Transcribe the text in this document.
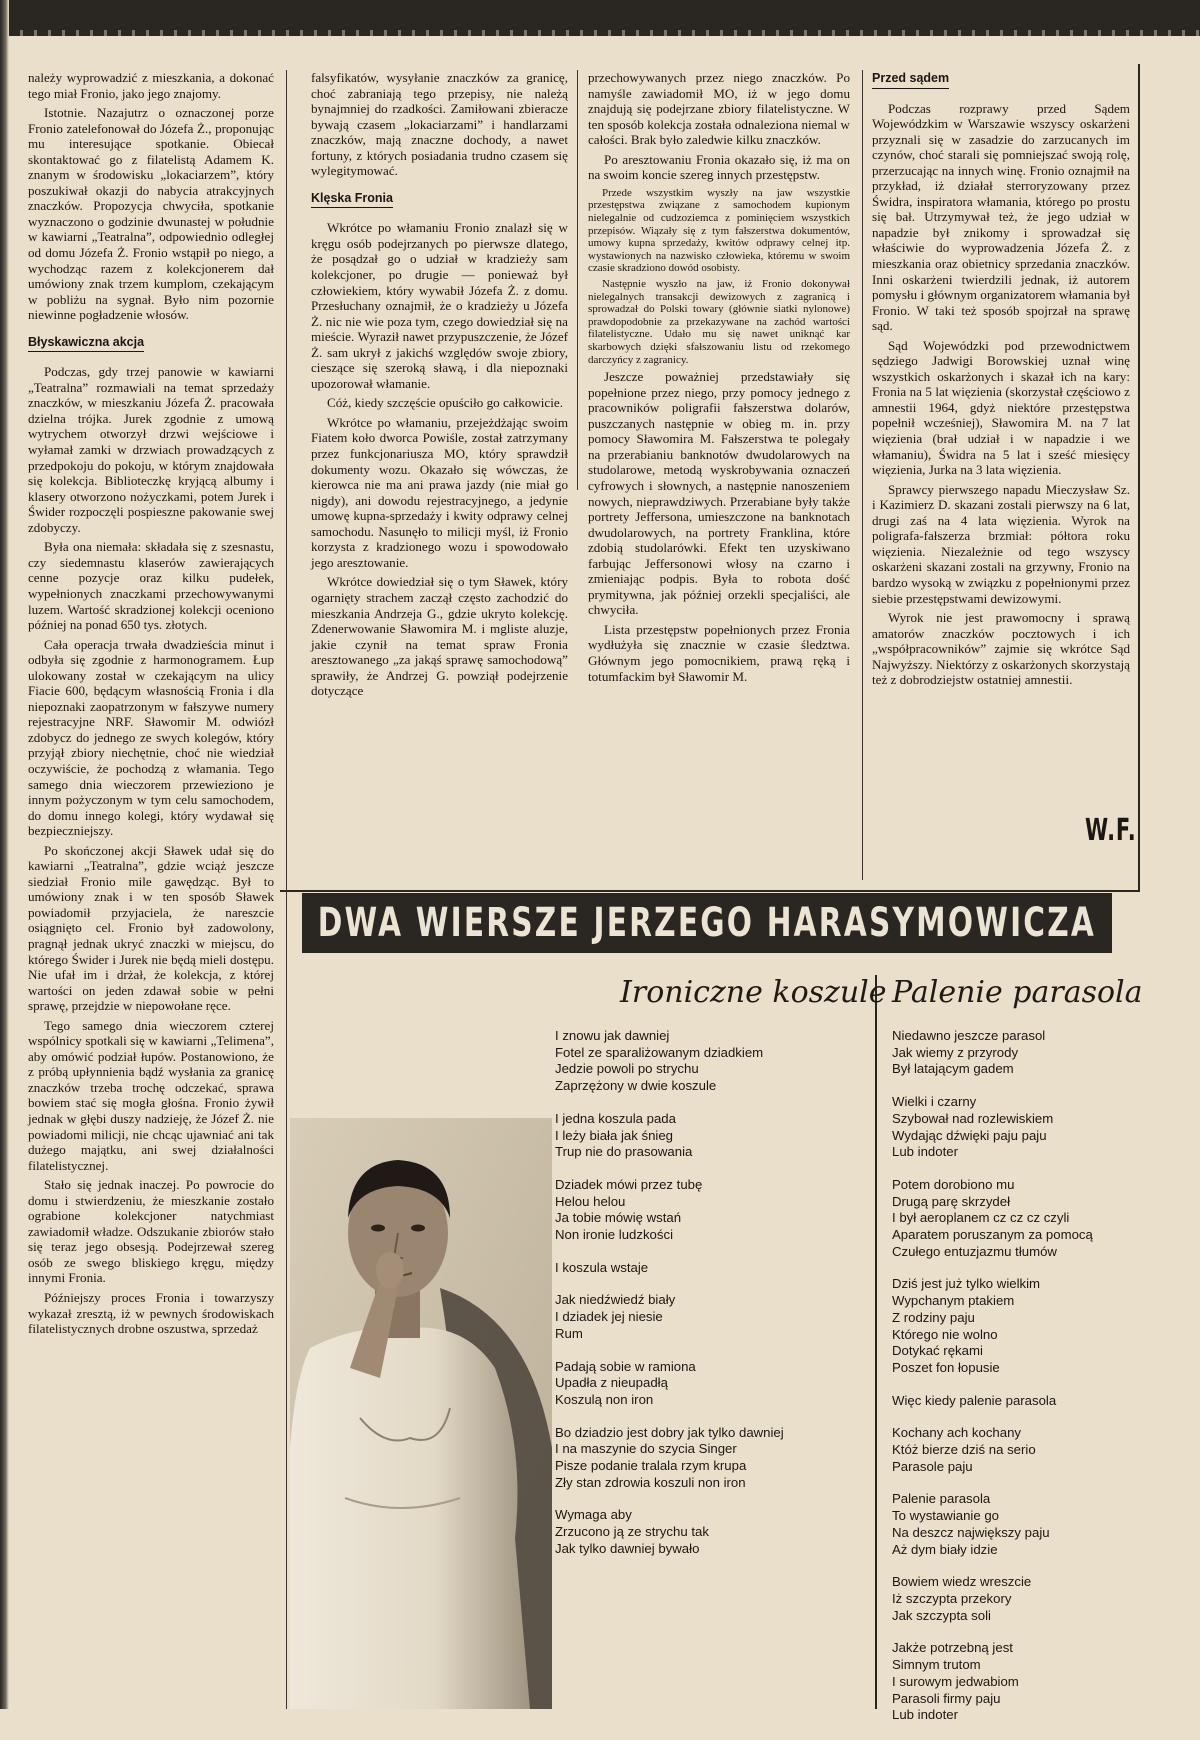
należy wyprowadzić z mieszkania, a dokonać tego miał Fronio, jako jego znajomy.

Istotnie. Nazajutrz o oznaczonej porze Fronio zatelefonował do Józefa Ż., proponując mu interesujące spotkanie. Obiecał skontaktować go z filatelistą Adamem K. znanym w środowisku „lokaciarzem”, który poszukiwał okazji do nabycia atrakcyjnych znaczków. Propozycja chwyciła, spotkanie wyznaczono o godzinie dwunastej w południe w kawiarni „Teatralna”, odpowiednio odległej od domu Józefa Ż. Fronio wstąpił po niego, a wychodząc razem z kolekcjonerem dał umówiony znak trzem kumplom, czekającym w pobliżu na sygnał. Było nim pozornie niewinne pogładzenie włosów.

Błyskawiczna akcja

Podczas, gdy trzej panowie w kawiarni „Teatralna” rozmawiali na temat sprzedaży znaczków, w mieszkaniu Józefa Ż. pracowała dzielna trójka. Jurek zgodnie z umową wytrychem otworzył drzwi wejściowe i wyłamał zamki w drzwiach prowadzących z przedpokoju do pokoju, w którym znajdowała się kolekcja. Biblioteczkę kryjącą albumy i klasery otworzono nożyczkami, potem Jurek i Świder rozpoczęli pospieszne pakowanie swej zdobyczy.

Była ona niemała: składała się z szesnastu, czy siedemnastu klaserów zawierających cenne pozycje oraz kilku pudełek, wypełnionych znaczkami przechowywanymi luzem. Wartość skradzionej kolekcji oceniono później na ponad 650 tys. złotych.

Cała operacja trwała dwadzieścia minut i odbyła się zgodnie z harmonogramem. Łup ulokowany został w czekającym na ulicy Fiacie 600, będącym własnością Fronia i dla niepoznaki zaopatrzonym w fałszywe numery rejestracyjne NRF. Sławomir M. odwiózł zdobycz do jednego ze swych kolegów, który przyjął zbiory niechętnie, choć nie wiedział oczywiście, że pochodzą z włamania. Tego samego dnia wieczorem przewieziono je innym pożyczonym w tym celu samochodem, do domu innego kolegi, który wydawał się bezpieczniejszy.

Po skończonej akcji Sławek udał się do kawiarni „Teatralna”, gdzie wciąż jeszcze siedział Fronio mile gawędząc. Był to umówiony znak i w ten sposób Sławek powiadomił przyjaciela, że nareszcie osiągnięto cel. Fronio był zadowolony, pragnął jednak ukryć znaczki w miejscu, do którego Świder i Jurek nie będą mieli dostępu. Nie ufał im i drżał, że kolekcja, z której wartości on jeden zdawał sobie w pełni sprawę, przejdzie w niepowołane ręce.

Tego samego dnia wieczorem czterej wspólnicy spotkali się w kawiarni „Telimena”, aby omówić podział łupów. Postanowiono, że z próbą upłynnienia bądź wysłania za granicę znaczków trzeba trochę odczekać, sprawa bowiem stać się mogła głośna. Fronio żywił jednak w głębi duszy nadzieję, że Józef Ż. nie powiadomi milicji, nie chcąc ujawniać ani tak dużego majątku, ani swej działalności filatelistycznej.

Stało się jednak inaczej. Po powrocie do domu i stwierdzeniu, że mieszkanie zostało ograbione kolekcjoner natychmiast zawiadomił władze. Odszukanie zbiorów stało się teraz jego obsesją. Podejrzewał szereg osób ze swego bliskiego kręgu, między innymi Fronia.

Późniejszy proces Fronia i towarzyszy wykazał zresztą, iż w pewnych środowiskach filatelistycznych drobne oszustwa, sprzedaż

falsyfikatów, wysyłanie znaczków za granicę, choć zabraniają tego przepisy, nie należą bynajmniej do rzadkości. Zamiłowani zbieracze bywają czasem „lokaciarzami” i handlarzami znaczków, mają znaczne dochody, a nawet fortuny, z których posiadania trudno czasem się wylegitymować.

Klęska Fronia

Wkrótce po włamaniu Fronio znalazł się w kręgu osób podejrzanych po pierwsze dlatego, że posądzał go o udział w kradzieży sam kolekcjoner, po drugie — ponieważ był człowiekiem, który wywabił Józefa Ż. z domu. Przesłuchany oznajmił, że o kradzieży u Józefa Ż. nic nie wie poza tym, czego dowiedział się na mieście. Wyraził nawet przypuszczenie, że Józef Ż. sam ukrył z jakichś względów swoje zbiory, cieszące się szeroką sławą, i dla niepoznaki upozorował włamanie.

Cóż, kiedy szczęście opuściło go całkowicie.

Wkrótce po włamaniu, przejeżdżając swoim Fiatem koło dworca Powiśle, został zatrzymany przez funkcjonariusza MO, który sprawdził dokumenty wozu. Okazało się wówczas, że kierowca nie ma ani prawa jazdy (nie miał go nigdy), ani dowodu rejestracyjnego, a jedynie umowę kupna-sprzedaży i kwity odprawy celnej samochodu. Nasunęło to milicji myśl, iż Fronio korzysta z kradzionego wozu i spowodowało jego aresztowanie.

Wkrótce dowiedział się o tym Sławek, który ogarnięty strachem zaczął często zachodzić do mieszkania Andrzeja G., gdzie ukryto kolekcję. Zdenerwowanie Sławomira M. i mgliste aluzje, jakie czynił na temat spraw Fronia aresztowanego „za jakąś sprawę samochodową” sprawiły, że Andrzej G. powziął podejrzenie dotyczące

przechowywanych przez niego znaczków. Po namyśle zawiadomił MO, iż w jego domu znajdują się podejrzane zbiory filatelistyczne. W ten sposób kolekcja została odnaleziona niemal w całości. Brak było zaledwie kilku znaczków.

Po aresztowaniu Fronia okazało się, iż ma on na swoim koncie szereg innych przestępstw.

Przede wszystkim wyszły na jaw wszystkie przestępstwa związane z samochodem kupionym nielegalnie od cudzoziemca z pominięciem wszystkich przepisów. Wiązały się z tym fałszerstwa dokumentów, umowy kupna sprzedaży, kwitów odprawy celnej itp. wystawionych na nazwisko człowieka, któremu w swoim czasie skradziono dowód osobisty.

Następnie wyszło na jaw, iż Fronio dokonywał nielegalnych transakcji dewizowych z zagranicą i sprowadzał do Polski towary (głównie siatki nylonowe) prawdopodobnie za przekazywane na zachód wartości filatelistyczne. Udało mu się nawet uniknąć kar skarbowych dzięki sfałszowaniu listu od rzekomego darczyńcy z zagranicy.

Jeszcze poważniej przedstawiały się popełnione przez niego, przy pomocy jednego z pracowników poligrafii fałszerstwa dolarów, puszczanych następnie w obieg m. in. przy pomocy Sławomira M. Fałszerstwa te polegały na przerabianiu banknotów dwudolarowych na studolarowe, metodą wyskrobywania oznaczeń cyfrowych i słownych, a następnie nanoszeniem nowych, nieprawdziwych. Przerabiane były także portrety Jeffersona, umieszczone na banknotach dwudolarowych, na portrety Franklina, które zdobią studolarówki. Efekt ten uzyskiwano farbując Jeffersonowi włosy na czarno i zmieniając podpis. Była to robota dość prymitywna, jak później orzekli specjaliści, ale chwyciła.

Lista przestępstw popełnionych przez Fronia wydłużyła się znacznie w czasie śledztwa. Głównym jego pomocnikiem, prawą ręką i totumfackim był Sławomir M.

Przed sądem

Podczas rozprawy przed Sądem Wojewódzkim w Warszawie wszyscy oskarżeni przyznali się w zasadzie do zarzucanych im czynów, choć starali się pomniejszać swoją rolę, przerzucając na innych winę. Fronio oznajmił na przykład, iż działał sterroryzowany przez Świdra, inspiratora włamania, którego po prostu się bał. Utrzymywał też, że jego udział w napadzie był znikomy i sprowadzał się właściwie do wyprowadzenia Józefa Ż. z mieszkania oraz obietnicy sprzedania znaczków. Inni oskarżeni twierdzili jednak, iż autorem pomysłu i głównym organizatorem włamania był Fronio. W taki też sposób spojrzał na sprawę sąd.

Sąd Wojewódzki pod przewodnictwem sędziego Jadwigi Borowskiej uznał winę wszystkich oskarżonych i skazał ich na kary: Fronia na 5 lat więzienia (skorzystał częściowo z amnestii 1964, gdyż niektóre przestępstwa popełnił wcześniej), Sławomira M. na 7 lat więzienia (brał udział i w napadzie i we włamaniu), Świdra na 5 lat i sześć miesięcy więzienia, Jurka na 3 lata więzienia.

Sprawcy pierwszego napadu Mieczysław Sz. i Kazimierz D. skazani zostali pierwszy na 6 lat, drugi zaś na 4 lata więzienia. Wyrok na poligrafa-fałszerza brzmiał: półtora roku więzienia. Niezależnie od tego wszyscy oskarżeni skazani zostali na grzywny, Fronio na bardzo wysoką w związku z popełnionymi przez siebie przestępstwami dewizowymi.

Wyrok nie jest prawomocny i sprawą amatorów znaczków pocztowych i ich „współpracowników” zajmie się wkrótce Sąd Najwyższy. Niektórzy z oskarżonych skorzystają też z dobrodziejstw ostatniej amnestii.

W.F.
DWA WIERSZE JERZEGO HARASYMOWICZA
Ironiczne koszule
I znowu jak dawniej
Fotel ze sparaliżowanym dziadkiem
Jedzie powoli po strychu
Zaprzężony w dwie koszule
I jedna koszula pada
I leży biała jak śnieg
Trup nie do prasowania
Dziadek mówi przez tubę
Helou helou
Ja tobie mówię wstań
Non ironie ludzkości
I koszula wstaje
Jak niedźwiedź biały
I dziadek jej niesie
Rum
Padają sobie w ramiona
Upadła z nieupadłą
Koszulą non iron
Bo dziadzio jest dobry jak tylko dawniej
I na maszynie do szycia Singer
Pisze podanie tralala rzym krupa
Zły stan zdrowia koszuli non iron
Wymaga aby
Zrzucono ją ze strychu tak
Jak tylko dawniej bywało
Palenie parasola
Niedawno jeszcze parasol
Jak wiemy z przyrody
Był latającym gadem
Wielki i czarny
Szybował nad rozlewiskiem
Wydając dźwięki paju paju
Lub indoter
Potem dorobiono mu
Drugą parę skrzydeł
I był aeroplanem cz cz cz czyli
Aparatem poruszanym za pomocą
Czułego entuzjazmu tłumów
Dziś jest już tylko wielkim
Wypchanym ptakiem
Z rodziny paju
Którego nie wolno
Dotykać rękami
Poszet fon łopusie
Więc kiedy palenie parasola
Kochany ach kochany
Któż bierze dziś na serio
Parasole paju
Palenie parasola
To wystawianie go
Na deszcz największy paju
Aż dym biały idzie
Bowiem wiedz wreszcie
Iż szczypta przekory
Jak szczypta soli
Jakże potrzebną jest
Simnym trutom
I surowym jedwabiom
Parasoli firmy paju
Lub indoter
